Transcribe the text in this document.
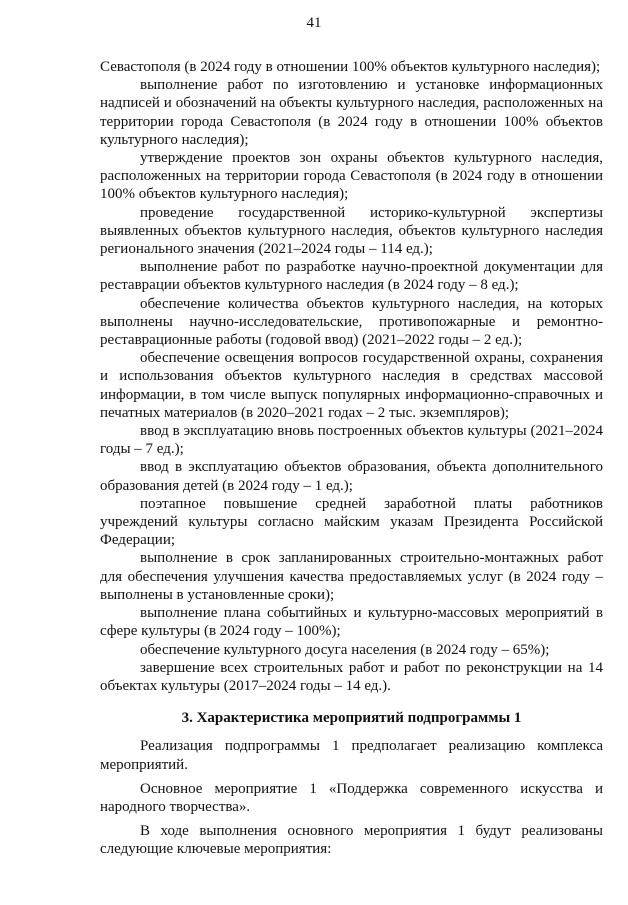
41

Севастополя (в 2024 году в отношении 100% объектов культурного наследия);

выполнение работ по изготовлению и установке информационных надписей и обозначений на объекты культурного наследия, расположенных на территории города Севастополя (в 2024 году в отношении 100% объектов культурного наследия);

утверждение проектов зон охраны объектов культурного наследия, расположенных на территории города Севастополя (в 2024 году в отношении 100% объектов культурного наследия);

проведение государственной историко-культурной экспертизы выявленных объектов культурного наследия, объектов культурного наследия регионального значения (2021–2024 годы – 114 ед.);

выполнение работ по разработке научно-проектной документации для реставрации объектов культурного наследия (в 2024 году – 8 ед.);

обеспечение количества объектов культурного наследия, на которых выполнены научно-исследовательские, противопожарные и ремонтно-реставрационные работы (годовой ввод) (2021–2022 годы – 2 ед.);

обеспечение освещения вопросов государственной охраны, сохранения и использования объектов культурного наследия в средствах массовой информации, в том числе выпуск популярных информационно-справочных и печатных материалов (в 2020–2021 годах – 2 тыс. экземпляров);

ввод в эксплуатацию вновь построенных объектов культуры (2021–2024 годы – 7 ед.);

ввод в эксплуатацию объектов образования, объекта дополнительного образования детей (в 2024 году – 1 ед.);

поэтапное повышение средней заработной платы работников учреждений культуры согласно майским указам Президента Российской Федерации;

выполнение в срок запланированных строительно-монтажных работ для обеспечения улучшения качества предоставляемых услуг (в 2024 году – выполнены в установленные сроки);

выполнение плана событийных и культурно-массовых мероприятий в сфере культуры (в 2024 году – 100%);

обеспечение культурного досуга населения (в 2024 году – 65%);

завершение всех строительных работ и работ по реконструкции на 14 объектах культуры (2017–2024 годы – 14 ед.).

3. Характеристика мероприятий подпрограммы 1

Реализация подпрограммы 1 предполагает реализацию комплекса мероприятий.

Основное мероприятие 1 «Поддержка современного искусства и народного творчества».

В ходе выполнения основного мероприятия 1 будут реализованы следующие ключевые мероприятия:
